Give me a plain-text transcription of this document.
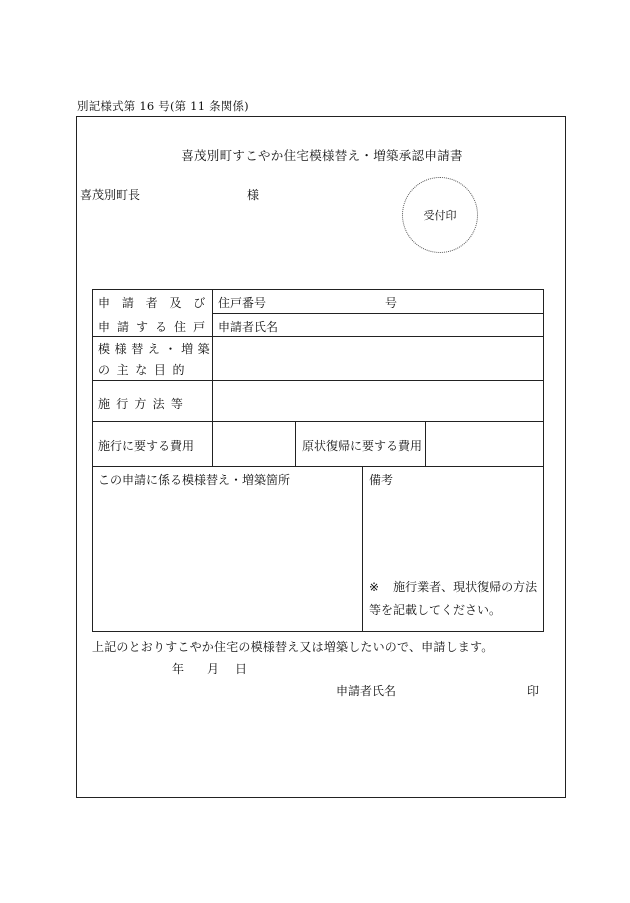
別記様式第 16 号(第 11 条関係)
喜茂別町すこやか住宅模様替え・増築承認申請書
喜茂別町長	様
受付印
申 請 者 及 び
申 請 す る 住 戸
住戸番号	号
申請者氏名
模 様 替 え ・ 増 築
の 主 な 目 的
施 行 方 法 等
施行に要する費用	原状復帰に要する費用
この申請に係る模様替え・増築箇所	備考
※ 施行業者、現状復帰の方法等を記載してください。
上記のとおりすこやか住宅の模様替え又は増築したいので、申請します。
年 月 日
申請者氏名	印
